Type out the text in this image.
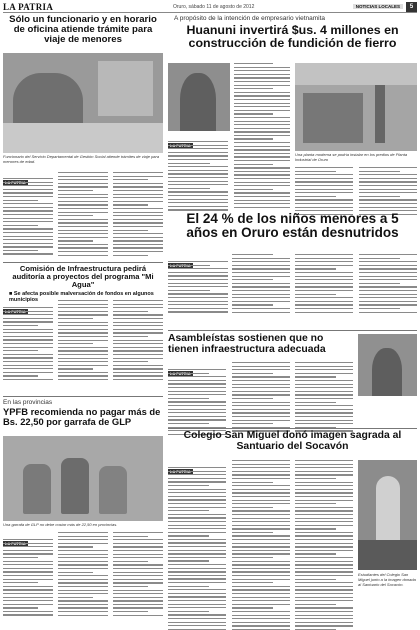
LA PATRIA	Oruro, sábado 11 de agosto de 2012	NOTICIAS LOCALES	5
Sólo un funcionario y en horario de oficina atiende trámite para viaje de menores
Funcionario del Servicio Departamental de Gestión Social atiende trámites de viaje para menores de edad.
A propósito de la intención de empresario vietnamita
Huanuni invertirá $us. 4 millones en construcción de fundición de fierro
Una planta moderna se podría instalar en los predios de Planta Industrial de Oruro
El 24 % de los niños menores a 5 años en Oruro están desnutridos
Comisión de Infraestructura pedirá auditoría a proyectos del programa "Mi Agua"
■ Se afecta posible malversación de fondos en algunos municipios
Asambleístas sostienen que no tienen infraestructura adecuada
En las provincias
YPFB recomienda no pagar más de Bs. 22,50 por garrafa de GLP
Una garrafa de GLP no debe costar más de 22,50 en provincias.
Colegio San Miguel donó imagen sagrada al Santuario del Socavón
Estudiantes del Colegio San Miguel junto a la imagen donada al Santuario del Socavón.
